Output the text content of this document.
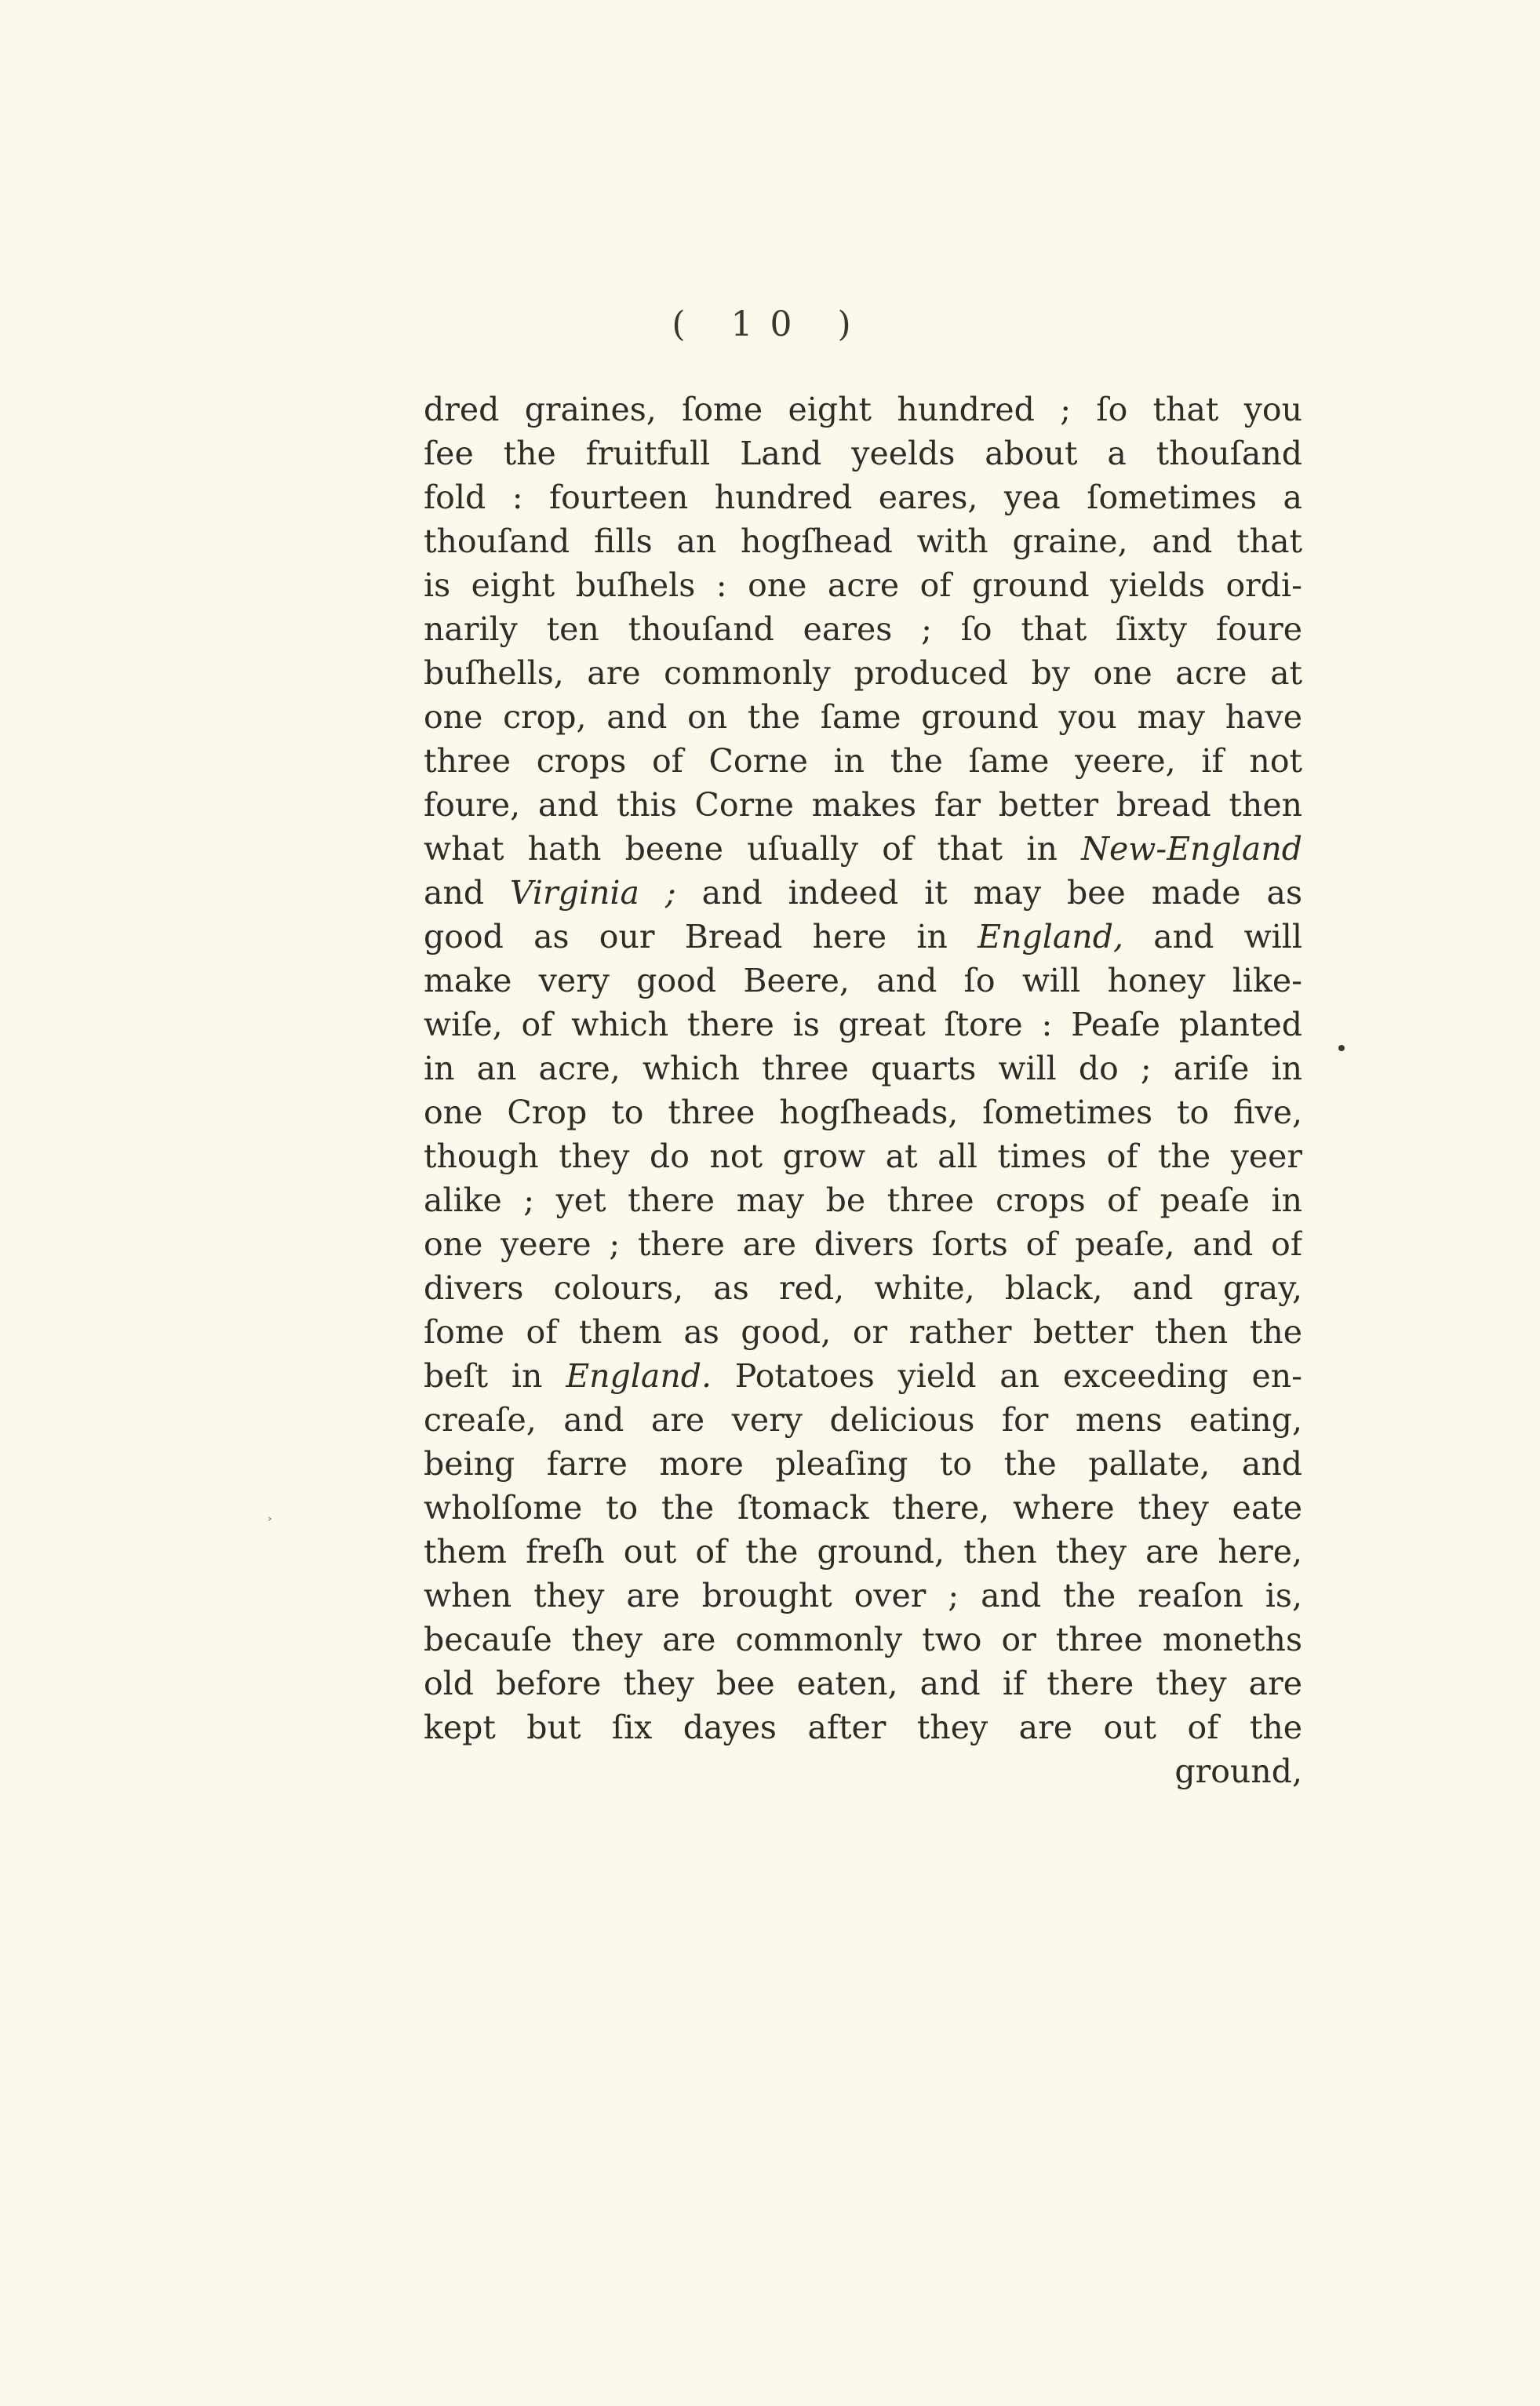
( 10 )
dred graines, ſome eight hundred ; ſo that you
ſee the fruitfull Land yeelds about a thouſand
fold : fourteen hundred eares, yea ſometimes a
thouſand fills an hogſhead with graine, and that
is eight buſhels : one acre of ground yields ordi-
narily ten thouſand eares ; ſo that ſixty foure
buſhells, are commonly produced by one acre at
one crop, and on the ſame ground you may have
three crops of Corne in the ſame yeere, if not
foure, and this Corne makes far better bread then
what hath beene uſually of that in New-England
and Virginia ; and indeed it may bee made as
good as our Bread here in England, and will
make very good Beere, and ſo will honey like-
wiſe, of which there is great ſtore : Peaſe planted
in an acre, which three quarts will do ; ariſe in
one Crop to three hogſheads, ſometimes to five,
though they do not grow at all times of the yeer
alike ; yet there may be three crops of peaſe in
one yeere ; there are divers ſorts of peaſe, and of
divers colours, as red, white, black, and gray,
ſome of them as good, or rather better then the
beſt in England. Potatoes yield an exceeding en-
creaſe, and are very delicious for mens eating,
being farre more pleaſing to the pallate, and
wholſome to the ſtomack there, where they eate
them freſh out of the ground, then they are here,
when they are brought over ; and the reaſon is,
becauſe they are commonly two or three moneths
old before they bee eaten, and if there they are
kept but ſix dayes after they are out of the
ground,
˃
